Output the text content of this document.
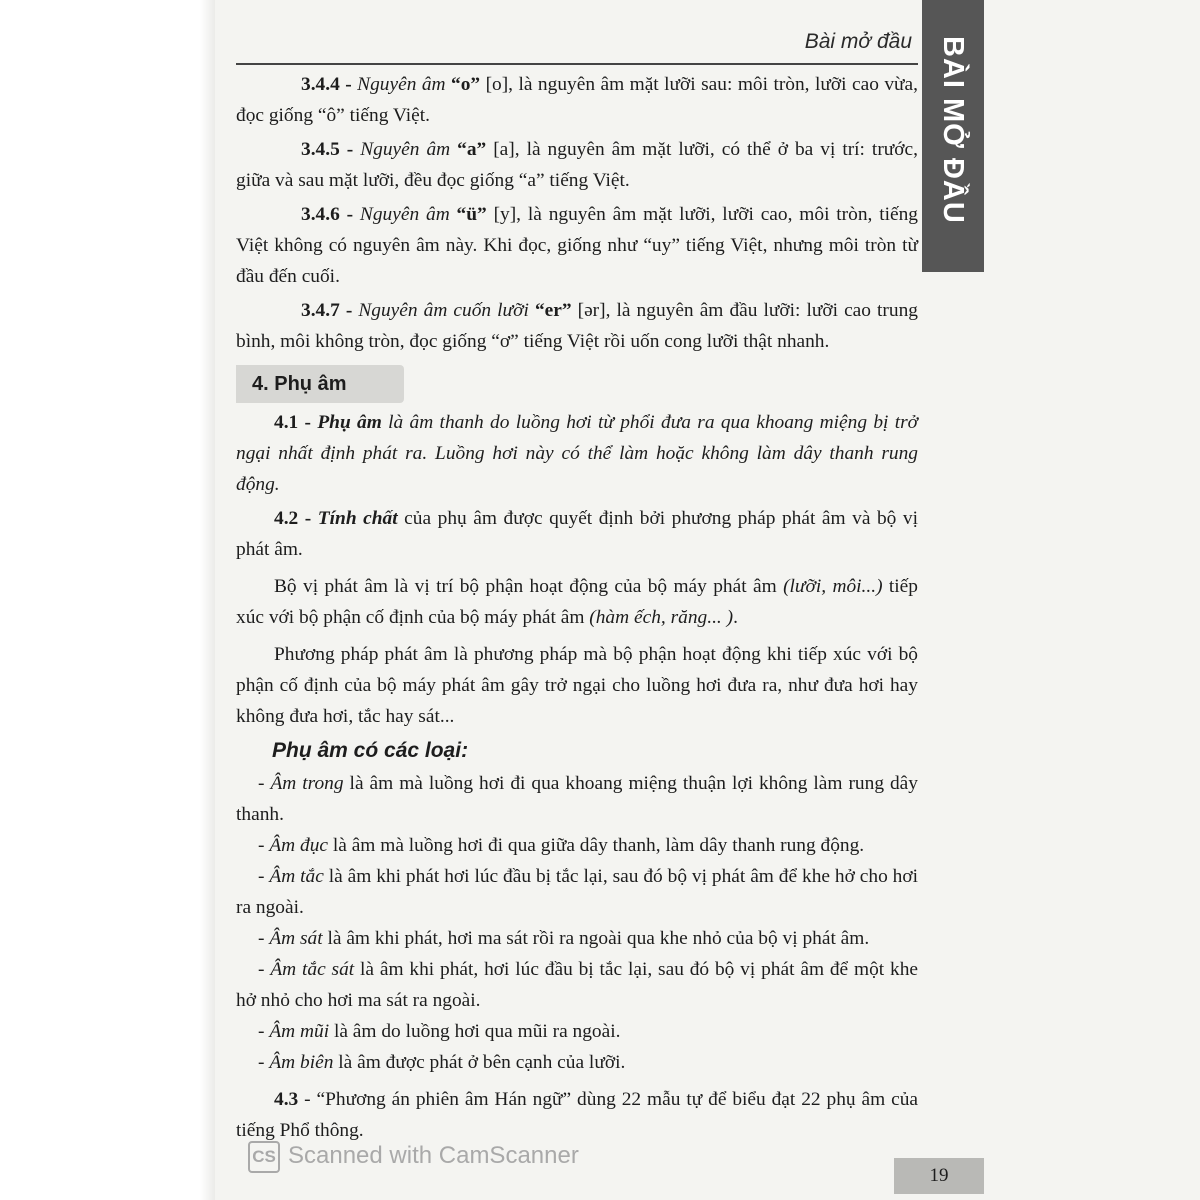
Bài mở đầu BÀI MỞ ĐẦU

3.4.4 - Nguyên âm “o” [o], là nguyên âm mặt lưỡi sau: môi tròn, lưỡi cao vừa, đọc giống “ô” tiếng Việt.

3.4.5 - Nguyên âm “a” [a], là nguyên âm mặt lưỡi, có thể ở ba vị trí: trước, giữa và sau mặt lưỡi, đều đọc giống “a” tiếng Việt.

3.4.6 - Nguyên âm “ü” [y], là nguyên âm mặt lưỡi, lưỡi cao, môi tròn, tiếng Việt không có nguyên âm này. Khi đọc, giống như “uy” tiếng Việt, nhưng môi tròn từ đầu đến cuối.

3.4.7 - Nguyên âm cuốn lưỡi “er” [ər], là nguyên âm đầu lưỡi: lưỡi cao trung bình, môi không tròn, đọc giống “ơ” tiếng Việt rồi uốn cong lưỡi thật nhanh.

4. Phụ âm

4.1 - Phụ âm là âm thanh do luồng hơi từ phổi đưa ra qua khoang miệng bị trở ngại nhất định phát ra. Luồng hơi này có thể làm hoặc không làm dây thanh rung động.

4.2 - Tính chất của phụ âm được quyết định bởi phương pháp phát âm và bộ vị phát âm.

Bộ vị phát âm là vị trí bộ phận hoạt động của bộ máy phát âm (lưỡi, môi...) tiếp xúc với bộ phận cố định của bộ máy phát âm (hàm ếch, răng... ).

Phương pháp phát âm là phương pháp mà bộ phận hoạt động khi tiếp xúc với bộ phận cố định của bộ máy phát âm gây trở ngại cho luồng hơi đưa ra, như đưa hơi hay không đưa hơi, tắc hay sát...

Phụ âm có các loại:

- Âm trong là âm mà luồng hơi đi qua khoang miệng thuận lợi không làm rung dây thanh.

- Âm đục là âm mà luồng hơi đi qua giữa dây thanh, làm dây thanh rung động.

- Âm tắc là âm khi phát hơi lúc đầu bị tắc lại, sau đó bộ vị phát âm để khe hở cho hơi ra ngoài.

- Âm sát là âm khi phát, hơi ma sát rồi ra ngoài qua khe nhỏ của bộ vị phát âm.

- Âm tắc sát là âm khi phát, hơi lúc đầu bị tắc lại, sau đó bộ vị phát âm để một khe hở nhỏ cho hơi ma sát ra ngoài.

- Âm mũi là âm do luồng hơi qua mũi ra ngoài.

- Âm biên là âm được phát ở bên cạnh của lưỡi.

4.3 - “Phương án phiên âm Hán ngữ” dùng 22 mẫu tự để biểu đạt 22 phụ âm của tiếng Phổ thông.

CS Scanned with CamScanner
19
